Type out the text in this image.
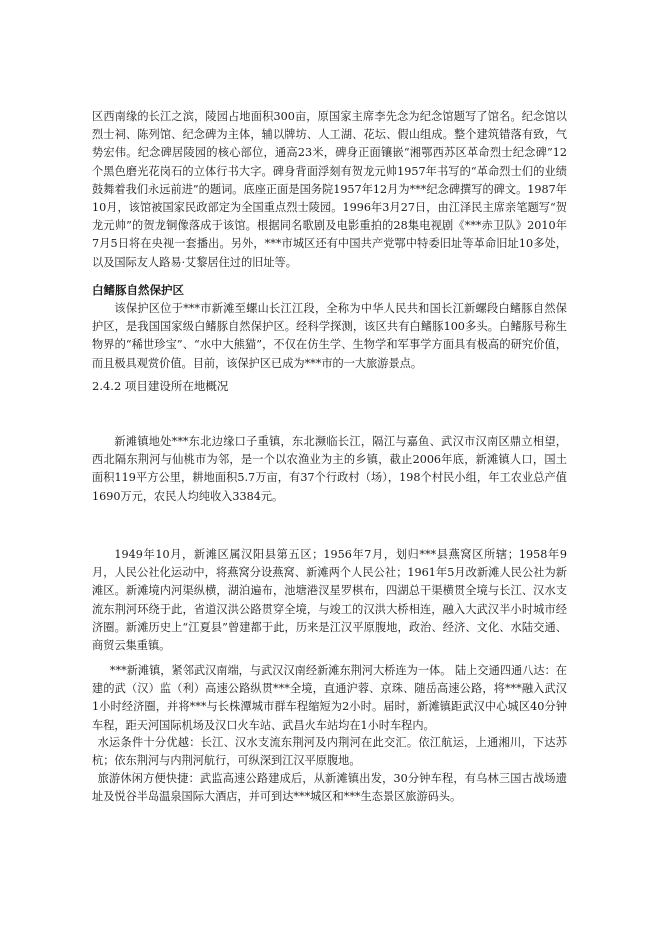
区西南缘的长江之滨，陵园占地面积300亩，原国家主席李先念为纪念馆题写了馆名。纪念馆以烈士祠、陈列馆、纪念碑为主体，辅以牌坊、人工湖、花坛、假山组成。整个建筑错落有致，气势宏伟。纪念碑居陵园的核心部位，通高23米，碑身正面镶嵌“湘鄂西苏区革命烈士纪念碑”12个黑色磨光花岗石的立体行书大字。碑身背面浮刻有贺龙元帅1957年书写的“革命烈士们的业绩鼓舞着我们永远前进”的题词。底座正面是国务院1957年12月为***纪念碑撰写的碑文。1987年10月，该馆被国家民政部定为全国重点烈士陵园。1996年3月27日，由江泽民主席亲笔题写“贺龙元帅”的贺龙铜像落成于该馆。根据同名歌剧及电影重拍的28集电视剧《***赤卫队》2010年7月5日将在央视一套播出。另外，***市城区还有中国共产党鄂中特委旧址等革命旧址10多处，以及国际友人路易·艾黎居住过的旧址等。

白鳍豚自然保护区

该保护区位于***市新滩至螺山长江江段，全称为中华人民共和国长江新螺段白鳍豚自然保护区，是我国国家级白鳍豚自然保护区。经科学探测，该区共有白鳍豚100多头。白鳍豚号称生物界的“稀世珍宝”、“水中大熊猫”，不仅在仿生学、生物学和军事学方面具有极高的研究价值，而且极具观赏价值。目前，该保护区已成为***市的一大旅游景点。

2.4.2 项目建设所在地概况

新滩镇地处***东北边缘口子重镇，东北濒临长江，隔江与嘉鱼、武汉市汉南区鼎立相望，西北隔东荆河与仙桃市为邻，是一个以农渔业为主的乡镇，截止2006年底，新滩镇人口，国土面积119平方公里，耕地面积5.7万亩，有37个行政村（场），198个村民小组，年工农业总产值1690万元，农民人均纯收入3384元。

1949年10月，新滩区属汉阳县第五区；1956年7月，划归***县燕窝区所辖；1958年9月，人民公社化运动中，将燕窝分设燕窝、新滩两个人民公社；1961年5月改新滩人民公社为新滩区。新滩境内河渠纵横，湖泊遍布，池塘港汊星罗棋布，四湖总干渠横贯全境与长江、汉水支流东荆河环绕于此，省道汉洪公路贯穿全境，与竣工的汉洪大桥相连，融入大武汉半小时城市经济圈。新滩历史上“江夏县”曾建都于此，历来是江汉平原腹地，政治、经济、文化、水陆交通、商贸云集重镇。

***新滩镇，紧邻武汉南端，与武汉汉南经新滩东荆河大桥连为一体。 陆上交通四通八达：在建的武（汉）监（利）高速公路纵贯***全境，直通沪蓉、京珠、随岳高速公路，将***融入武汉1小时经济圈，并将***与长株潭城市群车程缩短为2小时。届时，新滩镇距武汉中心城区40分钟车程，距天河国际机场及汉口火车站、武昌火车站均在1小时车程内。

水运条件十分优越：长江、汉水支流东荆河及内荆河在此交汇。依江航运，上通湘川，下达苏杭；依东荆河与内荆河航行，可纵深到江汉平原腹地。

旅游休闲方便快捷：武监高速公路建成后，从新滩镇出发，30分钟车程，有乌林三国古战场遗址及悦谷半岛温泉国际大酒店，并可到达***城区和***生态景区旅游码头。
